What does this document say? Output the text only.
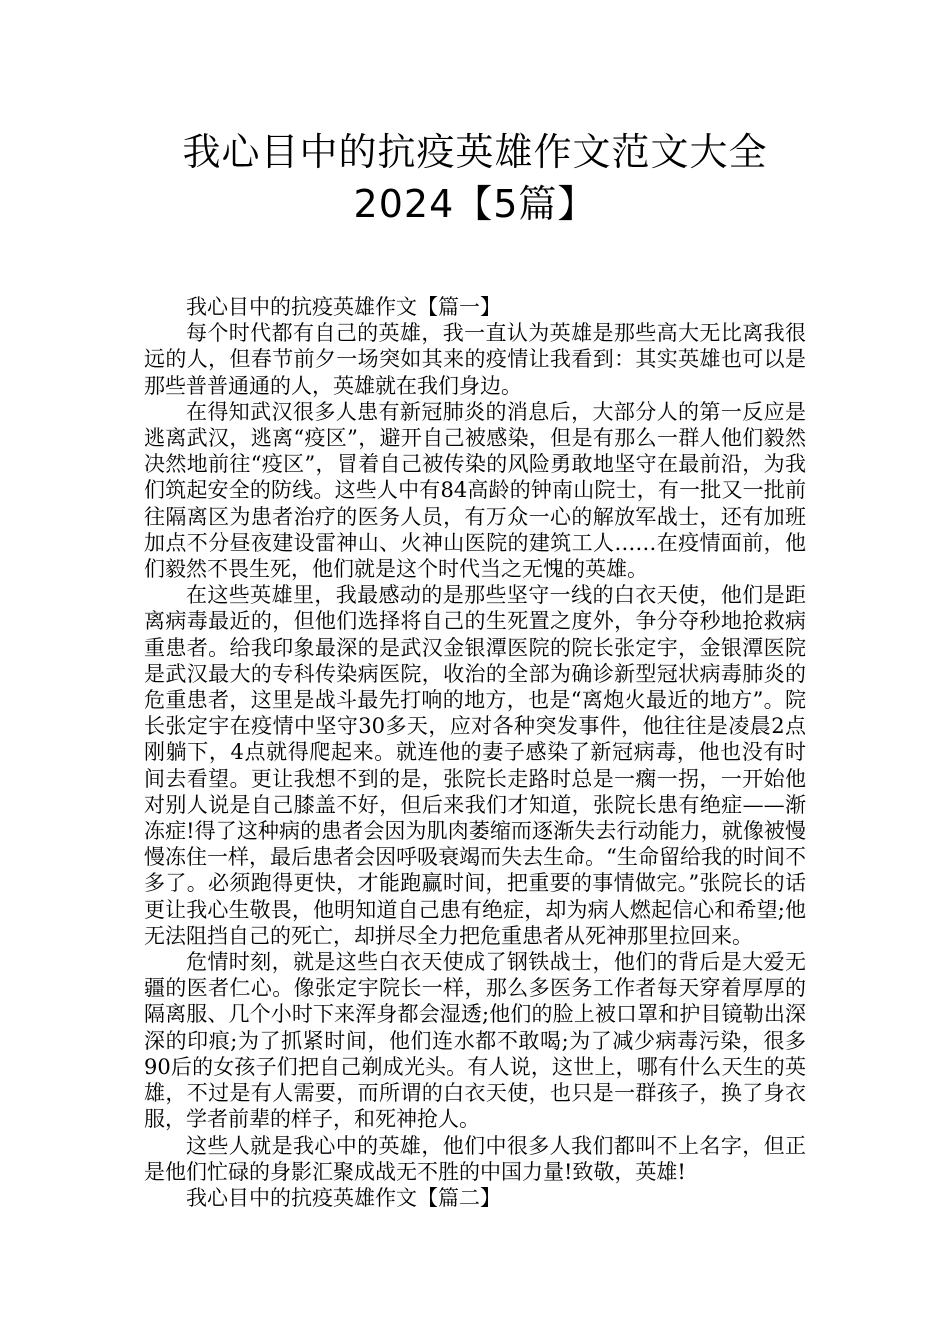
我心目中的抗疫英雄作文范文大全
2024【5篇】

我心目中的抗疫英雄作文【篇一】

每个时代都有自己的英雄，我一直认为英雄是那些高大无比离我很远的人，但春节前夕一场突如其来的疫情让我看到：其实英雄也可以是那些普普通通的人，英雄就在我们身边。

在得知武汉很多人患有新冠肺炎的消息后，大部分人的第一反应是逃离武汉，逃离“疫区”，避开自己被感染，但是有那么一群人他们毅然决然地前往“疫区”，冒着自己被传染的风险勇敢地坚守在最前沿，为我们筑起安全的防线。这些人中有84高龄的钟南山院士，有一批又一批前往隔离区为患者治疗的医务人员，有万众一心的解放军战士，还有加班加点不分昼夜建设雷神山、火神山医院的建筑工人……在疫情面前，他们毅然不畏生死，他们就是这个时代当之无愧的英雄。

在这些英雄里，我最感动的是那些坚守一线的白衣天使，他们是距离病毒最近的，但他们选择将自己的生死置之度外，争分夺秒地抢救病重患者。给我印象最深的是武汉金银潭医院的院长张定宇，金银潭医院是武汉最大的专科传染病医院，收治的全部为确诊新型冠状病毒肺炎的危重患者，这里是战斗最先打响的地方，也是“离炮火最近的地方”。院长张定宇在疫情中坚守30多天，应对各种突发事件，他往往是凌晨2点刚躺下，4点就得爬起来。就连他的妻子感染了新冠病毒，他也没有时间去看望。更让我想不到的是，张院长走路时总是一瘸一拐，一开始他对别人说是自己膝盖不好，但后来我们才知道，张院长患有绝症——渐冻症!得了这种病的患者会因为肌肉萎缩而逐渐失去行动能力，就像被慢慢冻住一样，最后患者会因呼吸衰竭而失去生命。“生命留给我的时间不多了。必须跑得更快，才能跑赢时间，把重要的事情做完。”张院长的话更让我心生敬畏，他明知道自己患有绝症，却为病人燃起信心和希望;他无法阻挡自己的死亡，却拼尽全力把危重患者从死神那里拉回来。

危情时刻，就是这些白衣天使成了钢铁战士，他们的背后是大爱无疆的医者仁心。像张定宇院长一样，那么多医务工作者每天穿着厚厚的隔离服、几个小时下来浑身都会湿透;他们的脸上被口罩和护目镜勒出深深的印痕;为了抓紧时间，他们连水都不敢喝;为了减少病毒污染，很多90后的女孩子们把自己剃成光头。有人说，这世上，哪有什么天生的英雄，不过是有人需要，而所谓的白衣天使，也只是一群孩子，换了身衣服，学者前辈的样子，和死神抢人。

这些人就是我心中的英雄，他们中很多人我们都叫不上名字，但正是他们忙碌的身影汇聚成战无不胜的中国力量!致敬，英雄!

我心目中的抗疫英雄作文【篇二】
